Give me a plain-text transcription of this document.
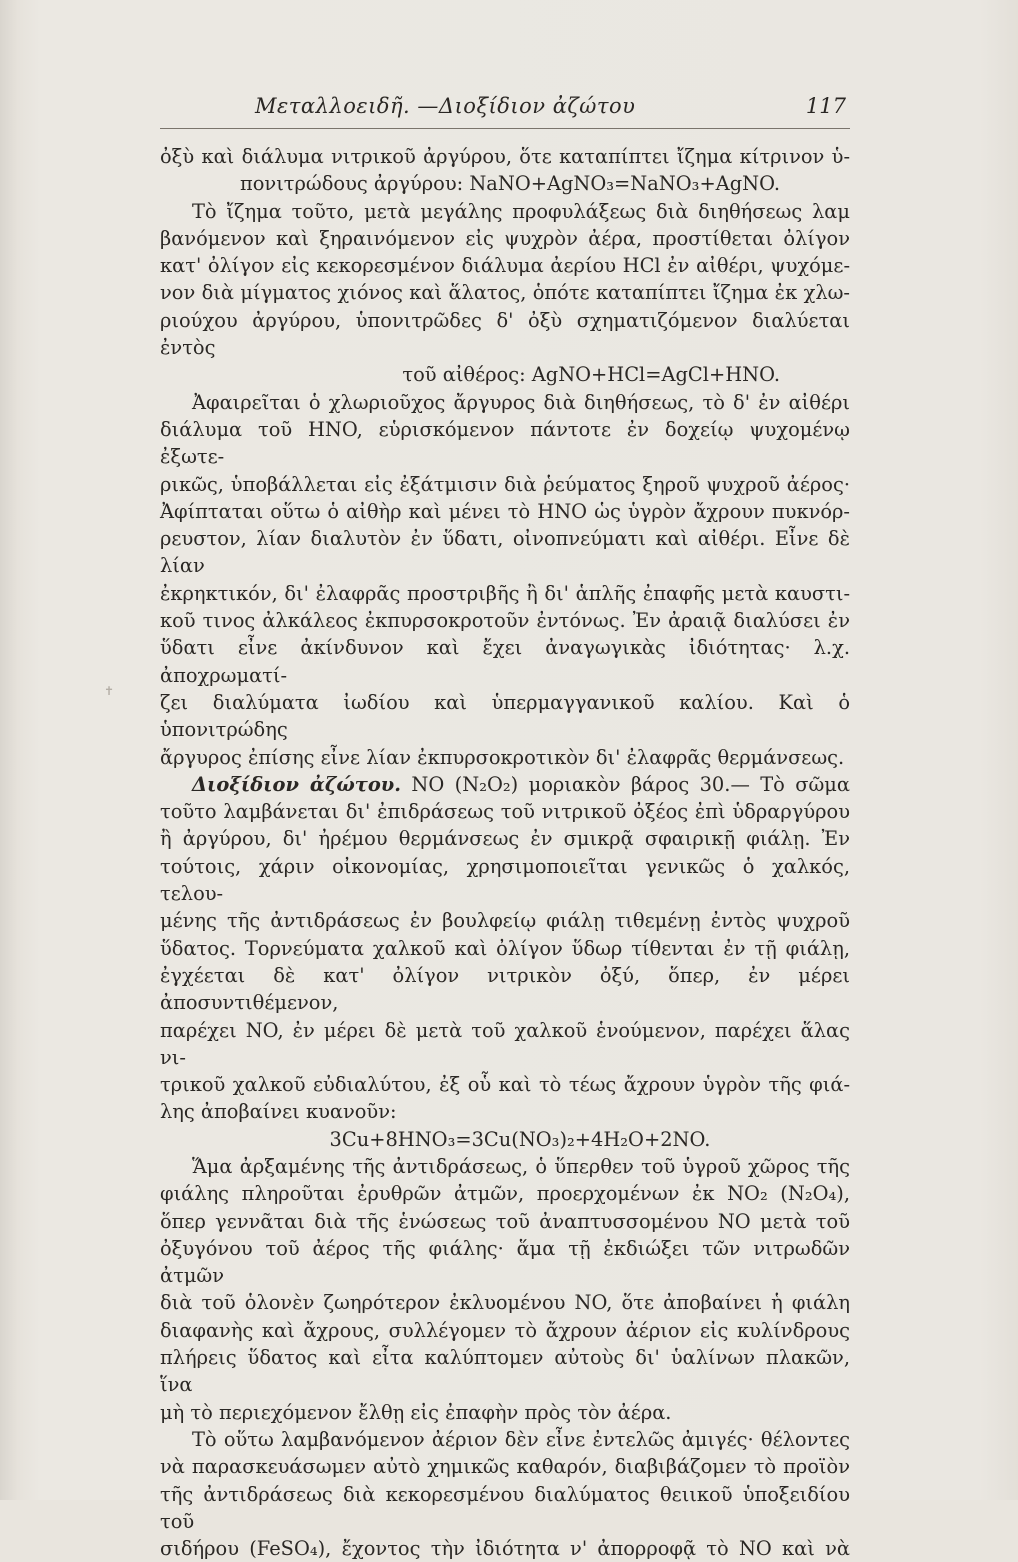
Μεταλλοειδῆ. —Διοξίδιον ἀζώτου	117
✝

ὀξὺ καὶ διάλυμα νιτρικοῦ ἀργύρου, ὅτε καταπίπτει ἴζημα κίτρινον ὑ-

πονιτρώδους ἀργύρου: NaNO+AgNO₃=NaNO₃+AgNO.

Τὸ ἴζημα τοῦτο, μετὰ μεγάλης προφυλάξεως διὰ διηθήσεως λαμ

βανόμενον καὶ ξηραινόμενον εἰς ψυχρὸν ἀέρα, προστίθεται ὀλίγον

κατ' ὀλίγον εἰς κεκορεσμένον διάλυμα ἀερίου HCl ἐν αἰθέρι, ψυχόμε-

νον διὰ μίγματος χιόνος καὶ ἅλατος, ὁπότε καταπίπτει ἴζημα ἐκ χλω-

ριούχου ἀργύρου, ὑπονιτρῶδες δ' ὀξὺ σχηματιζόμενον διαλύεται ἐντὸς

τοῦ αἰθέρος: AgNO+HCl=AgCl+HNO.

Ἀφαιρεῖται ὁ χλωριοῦχος ἄργυρος διὰ διηθήσεως, τὸ δ' ἐν αἰθέρι

διάλυμα τοῦ HNO, εὑρισκόμενον πάντοτε ἐν δοχείῳ ψυχομένῳ ἐξωτε-

ρικῶς, ὑποβάλλεται εἰς ἐξάτμισιν διὰ ῥεύματος ξηροῦ ψυχροῦ ἀέρος·

Ἀφίπταται οὕτω ὁ αἰθὴρ καὶ μένει τὸ HNO ὡς ὑγρὸν ἄχρουν πυκνόρ-

ρευστον, λίαν διαλυτὸν ἐν ὕδατι, οἰνοπνεύματι καὶ αἰθέρι. Εἶνε δὲ λίαν

ἐκρηκτικόν, δι' ἐλαφρᾶς προστριβῆς ἢ δι' ἁπλῆς ἐπαφῆς μετὰ καυστι-

κοῦ τινος ἀλκάλεος ἐκπυρσοκροτοῦν ἐντόνως. Ἐν ἀραιᾷ διαλύσει ἐν

ὕδατι εἶνε ἀκίνδυνον καὶ ἔχει ἀναγωγικὰς ἰδιότητας· λ.χ. ἀποχρωματί-

ζει διαλύματα ἰωδίου καὶ ὑπερμαγγανικοῦ καλίου. Καὶ ὁ ὑπονιτρώδης

ἄργυρος ἐπίσης εἶνε λίαν ἐκπυρσοκροτικὸν δι' ἐλαφρᾶς θερμάνσεως.

Διοξίδιον ἀζώτου. NO (N₂O₂) μοριακὸν βάρος 30.— Τὸ σῶμα

τοῦτο λαμβάνεται δι' ἐπιδράσεως τοῦ νιτρικοῦ ὀξέος ἐπὶ ὑδραργύρου

ἢ ἀργύρου, δι' ἠρέμου θερμάνσεως ἐν σμικρᾷ σφαιρικῇ φιάλῃ. Ἐν

τούτοις, χάριν οἰκονομίας, χρησιμοποιεῖται γενικῶς ὁ χαλκός, τελου-

μένης τῆς ἀντιδράσεως ἐν βουλφείῳ φιάλῃ τιθεμένῃ ἐντὸς ψυχροῦ

ὕδατος. Τορνεύματα χαλκοῦ καὶ ὀλίγον ὕδωρ τίθενται ἐν τῇ φιάλῃ,

ἐγχέεται δὲ κατ' ὀλίγον νιτρικὸν ὀξύ, ὅπερ, ἐν μέρει ἀποσυντιθέμενον,

παρέχει NO, ἐν μέρει δὲ μετὰ τοῦ χαλκοῦ ἑνούμενον, παρέχει ἅλας νι-

τρικοῦ χαλκοῦ εὐδιαλύτου, ἐξ οὗ καὶ τὸ τέως ἄχρουν ὑγρὸν τῆς φιά-

λης ἀποβαίνει κυανοῦν:

3Cu+8HNO₃=3Cu(NO₃)₂+4H₂O+2NO.

Ἅμα ἀρξαμένης τῆς ἀντιδράσεως, ὁ ὕπερθεν τοῦ ὑγροῦ χῶρος τῆς

φιάλης πληροῦται ἐρυθρῶν ἀτμῶν, προερχομένων ἐκ NO₂ (N₂O₄),

ὅπερ γεννᾶται διὰ τῆς ἑνώσεως τοῦ ἀναπτυσσομένου NO μετὰ τοῦ

ὀξυγόνου τοῦ ἀέρος τῆς φιάλης· ἅμα τῇ ἐκδιώξει τῶν νιτρωδῶν ἀτμῶν

διὰ τοῦ ὁλονὲν ζωηρότερον ἐκλυομένου NO, ὅτε ἀποβαίνει ἡ φιάλη

διαφανὴς καὶ ἄχρους, συλλέγομεν τὸ ἄχρουν ἀέριον εἰς κυλίνδρους

πλήρεις ὕδατος καὶ εἶτα καλύπτομεν αὐτοὺς δι' ὑαλίνων πλακῶν, ἵνα

μὴ τὸ περιεχόμενον ἔλθῃ εἰς ἐπαφὴν πρὸς τὸν ἀέρα.

Τὸ οὕτω λαμβανόμενον ἀέριον δὲν εἶνε ἐντελῶς ἀμιγές· θέλοντες

νὰ παρασκευάσωμεν αὐτὸ χημικῶς καθαρόν, διαβιβάζομεν τὸ προϊὸν

τῆς ἀντιδράσεως διὰ κεκορεσμένου διαλύματος θειικοῦ ὑποξειδίου τοῦ

σιδήρου (FeSO₄), ἔχοντος τὴν ἰδιότητα ν' ἀπορροφᾷ τὸ NO καὶ νὰ
